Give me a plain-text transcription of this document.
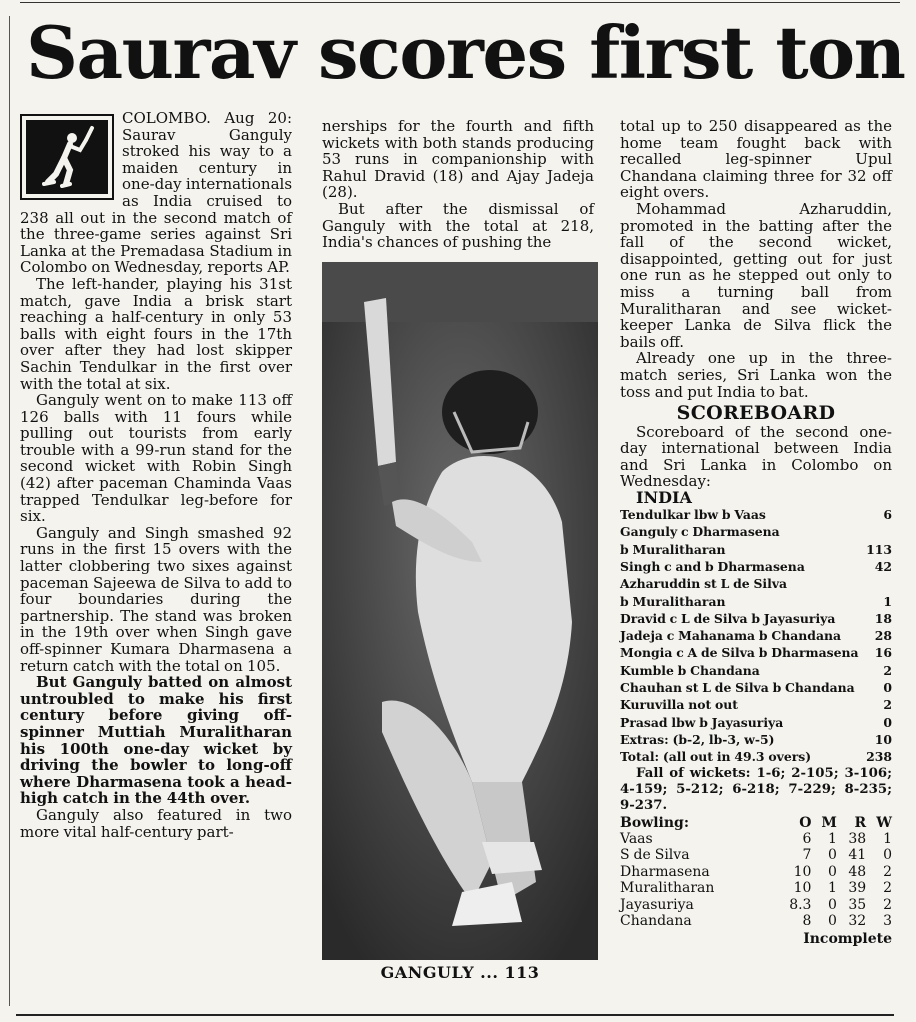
Saurav scores first ton

COLOMBO. Aug 20: Saurav Ganguly stroked his way to a maiden century in one-day internationals as India cruised to 238 all out in the second match of the three-game series against Sri Lanka at the Premadasa Stadium in Colombo on Wednesday, reports AP.

The left-hander, playing his 31st match, gave India a brisk start reaching a half-century in only 53 balls with eight fours in the 17th over after they had lost skipper Sachin Tendulkar in the first over with the total at six.

Ganguly went on to make 113 off 126 balls with 11 fours while pulling out tourists from early trouble with a 99-run stand for the second wicket with Robin Singh (42) after paceman Chaminda Vaas trapped Tendulkar leg-before for six.

Ganguly and Singh smashed 92 runs in the first 15 overs with the latter clobbering two sixes against paceman Sajeewa de Silva to add to four boundaries during the partnership. The stand was broken in the 19th over when Singh gave off-spinner Kumara Dharmasena a return catch with the total on 105.

But Ganguly batted on almost untroubled to make his first century before giving off-spinner Muttiah Muralitharan his 100th one-day wicket by driving the bowler to long-off where Dharmasena took a head-high catch in the 44th over.

Ganguly also featured in two more vital half-century part-

nerships for the fourth and fifth wickets with both stands producing 53 runs in companionship with Rahul Dravid (18) and Ajay Jadeja (28).

But after the dismissal of Ganguly with the total at 218, India's chances of pushing the

GANGULY ... 113

total up to 250 disappeared as the home team fought back with recalled leg-spinner Upul Chandana claiming three for 32 off eight overs.

Mohammad Azharuddin, promoted in the batting after the fall of the second wicket, disappointed, getting out for just one run as he stepped out only to miss a turning ball from Muralitharan and see wicket-keeper Lanka de Silva flick the bails off.

Already one up in the three-match series, Sri Lanka won the toss and put India to bat.

SCOREBOARD

Scoreboard of the second one-day international between India and Sri Lanka in Colombo on Wednesday:

INDIA

Tendulkar lbw b Vaas	6
Ganguly c Dharmasena	
b Muralitharan	113
Singh c and b Dharmasena	42
Azharuddin st L de Silva	
b Muralitharan	1
Dravid c L de Silva b Jayasuriya	18
Jadeja c Mahanama b Chandana	28
Mongia c A de Silva b Dharmasena	16
Kumble b Chandana	2
Chauhan st L de Silva b Chandana	0
Kuruvilla not out	2
Prasad lbw b Jayasuriya	0
Extras: (b-2, lb-3, w-5)	10
Total: (all out in 49.3 overs)	238

Fall of wickets: 1-6; 2-105; 3-106; 4-159; 5-212; 6-218; 7-229; 8-235; 9-237.

Bowling:	O	M	R	W
Vaas	6	1	38	1
S de Silva	7	0	41	0
Dharmasena	10	0	48	2
Muralitharan	10	1	39	2
Jayasuriya	8.3	0	35	2
Chandana	8	0	32	3
Incomplete
